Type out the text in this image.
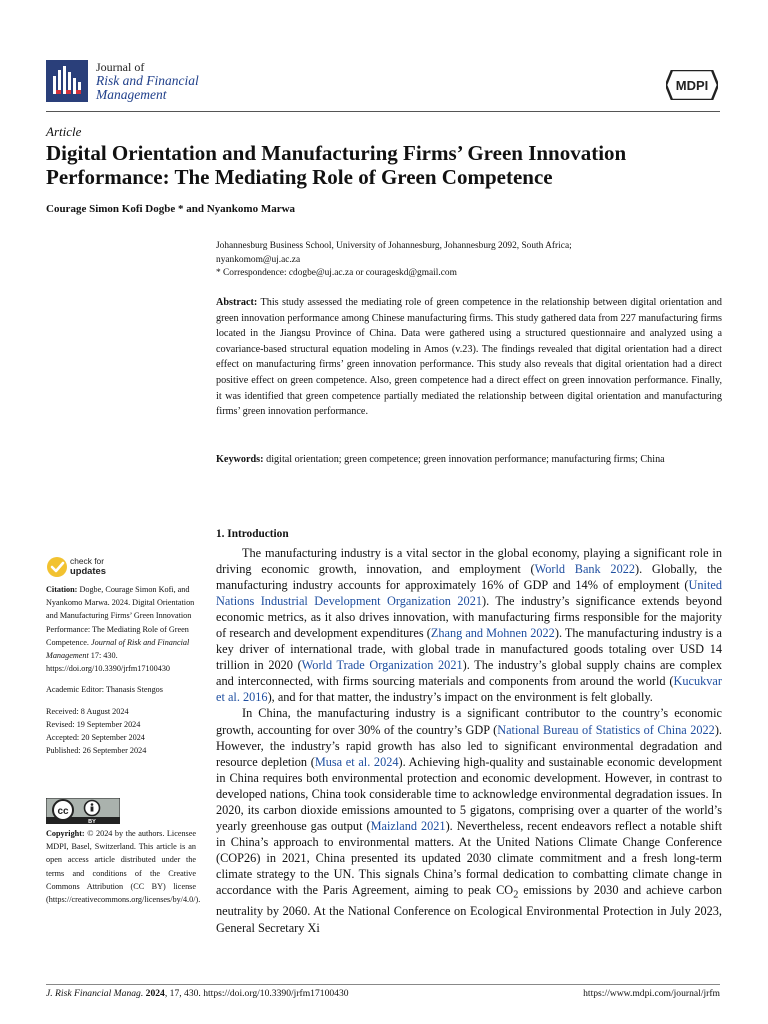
Journal of
Risk and Financial
Management
MDPI
Article
Digital Orientation and Manufacturing Firms’ Green Innovation Performance: The Mediating Role of Green Competence
Courage Simon Kofi Dogbe * and Nyankomo Marwa
Johannesburg Business School, University of Johannesburg, Johannesburg 2092, South Africa;
nyankomom@uj.ac.za
* Correspondence: cdogbe@uj.ac.za or courageskd@gmail.com

Abstract: This study assessed the mediating role of green competence in the relationship between digital orientation and green innovation performance among Chinese manufacturing firms. This study gathered data from 227 manufacturing firms located in the Jiangsu Province of China. Data were gathered using a structured questionnaire and analyzed using a covariance-based structural equation modeling in Amos (v.23). The findings revealed that digital orientation had a direct effect on manufacturing firms’ green innovation performance. This study also reveals that digital orientation had a direct positive effect on green competence. Also, green competence had a direct effect on green innovation performance. Finally, it was identified that green competence partially mediated the relationship between digital orientation and manufacturing firms’ green innovation performance.

Keywords: digital orientation; green competence; green innovation performance; manufacturing firms; China

1. Introduction

The manufacturing industry is a vital sector in the global economy, playing a significant role in driving economic growth, innovation, and employment (World Bank 2022). Globally, the manufacturing industry accounts for approximately 16% of GDP and 14% of employment (United Nations Industrial Development Organization 2021). The industry’s significance extends beyond economic metrics, as it also drives innovation, with manufacturing firms responsible for the majority of research and development expenditures (Zhang and Mohnen 2022). The manufacturing industry is a key driver of international trade, with global trade in manufactured goods totaling over USD 14 trillion in 2020 (World Trade Organization 2021). The industry’s global supply chains are complex and interconnected, with firms sourcing materials and components from around the world (Kucukvar et al. 2016), and for that matter, the industry’s impact on the environment is felt globally.

In China, the manufacturing industry is a significant contributor to the country’s economic growth, accounting for over 30% of the country’s GDP (National Bureau of Statistics of China 2022). However, the industry’s rapid growth has also led to significant environmental degradation and resource depletion (Musa et al. 2024). Achieving high-quality and sustainable economic development in China requires both environmental protection and economic development. However, in contrast to developed nations, China took considerable time to acknowledge environmental degradation issues. In 2020, its carbon dioxide emissions amounted to 5 gigatons, comprising over a quarter of the world’s yearly greenhouse gas output (Maizland 2021). Nevertheless, recent endeavors reflect a notable shift in China’s approach to environmental matters. At the United Nations Climate Change Conference (COP26) in 2021, China presented its updated 2030 climate commitment and a fresh long-term climate strategy to the UN. This signals China’s formal dedication to combatting climate change in accordance with the Paris Agreement, aiming to peak $CO_2$ emissions by 2030 and achieve carbon neutrality by 2060. At the National Conference on Ecological Environmental Protection in July 2023, General Secretary Xi

check for
updates

Citation: Dogbe, Courage Simon Kofi, and Nyankomo Marwa. 2024. Digital Orientation and Manufacturing Firms’ Green Innovation Performance: The Mediating Role of Green Competence. Journal of Risk and Financial Management 17: 430. https://doi.org/10.3390/jrfm17100430

Academic Editor: Thanasis Stengos

Received: 8 August 2024

Revised: 19 September 2024

Accepted: 20 September 2024

Published: 26 September 2024

cc
BY

Copyright: © 2024 by the authors. Licensee MDPI, Basel, Switzerland. This article is an open access article distributed under the terms and conditions of the Creative Commons Attribution (CC BY) license (https://creativecommons.org/licenses/by/4.0/).

J. Risk Financial Manag. 2024, 17, 430. https://doi.org/10.3390/jrfm17100430	https://www.mdpi.com/journal/jrfm
